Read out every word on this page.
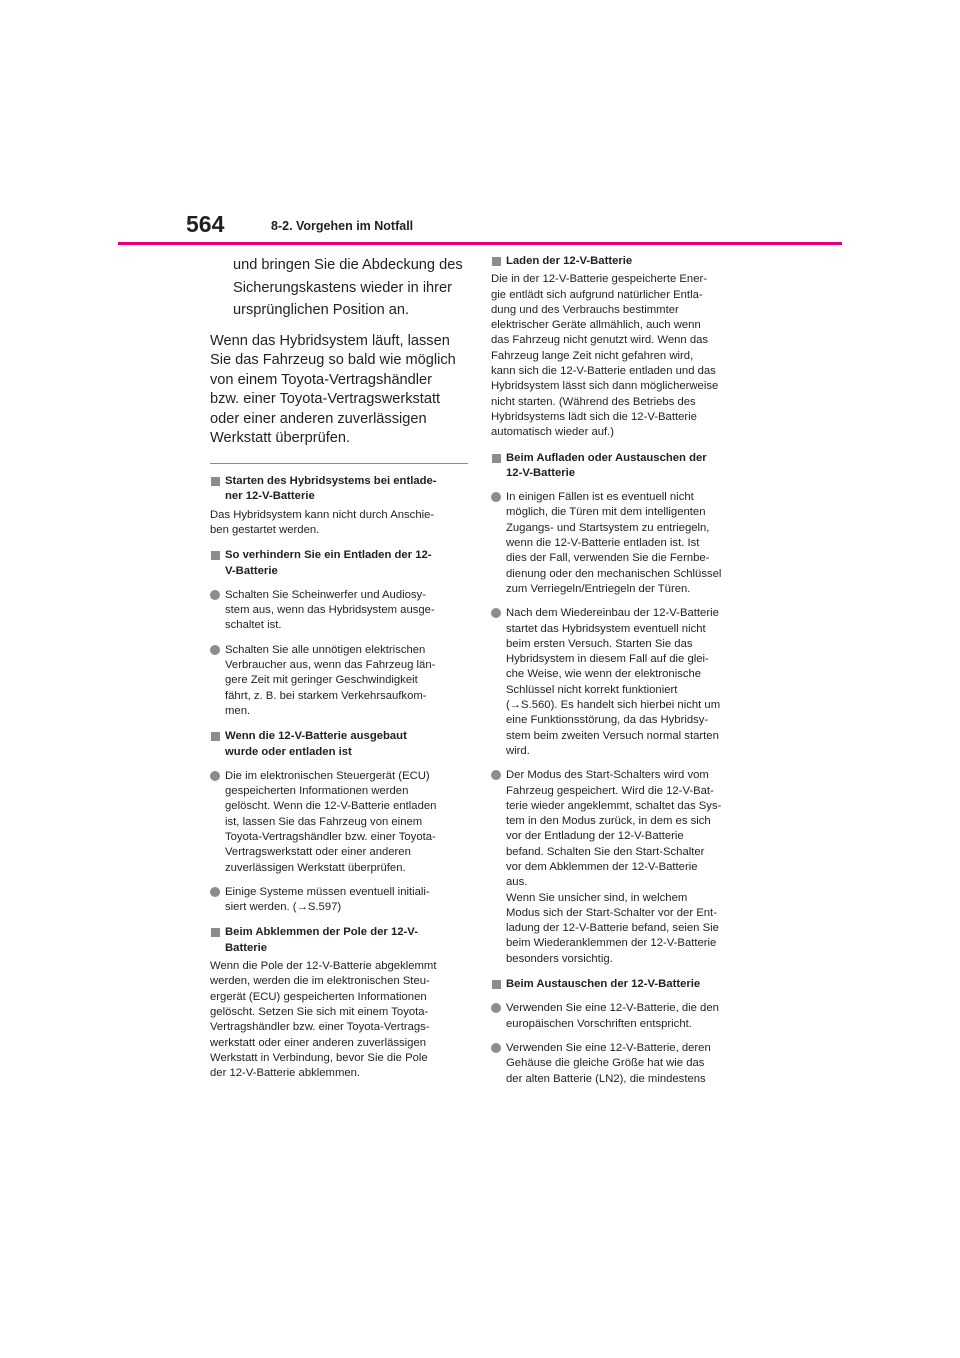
564	8-2. Vorgehen im Notfall

und bringen Sie die Abdeckung des
Sicherungskastens wieder in ihrer
ursprünglichen Position an.

Wenn das Hybridsystem läuft, lassen
Sie das Fahrzeug so bald wie möglich
von einem Toyota-Vertragshändler
bzw. einer Toyota-Vertragswerkstatt
oder einer anderen zuverlässigen
Werkstatt überprüfen.

Starten des Hybridsystems bei entlade-
ner 12-V-Batterie

Das Hybridsystem kann nicht durch Anschie-
ben gestartet werden.

So verhindern Sie ein Entladen der 12-
V-Batterie

Schalten Sie Scheinwerfer und Audiosy-
stem aus, wenn das Hybridsystem ausge-
schaltet ist.

Schalten Sie alle unnötigen elektrischen
Verbraucher aus, wenn das Fahrzeug län-
gere Zeit mit geringer Geschwindigkeit
fährt, z. B. bei starkem Verkehrsaufkom-
men.

Wenn die 12-V-Batterie ausgebaut
wurde oder entladen ist

Die im elektronischen Steuergerät (ECU)
gespeicherten Informationen werden
gelöscht. Wenn die 12-V-Batterie entladen
ist, lassen Sie das Fahrzeug von einem
Toyota-Vertragshändler bzw. einer Toyota-
Vertragswerkstatt oder einer anderen
zuverlässigen Werkstatt überprüfen.

Einige Systeme müssen eventuell initiali-
siert werden. (→S.597)

Beim Abklemmen der Pole der 12-V-
Batterie

Wenn die Pole der 12-V-Batterie abgeklemmt
werden, werden die im elektronischen Steu-
ergerät (ECU) gespeicherten Informationen
gelöscht. Setzen Sie sich mit einem Toyota-
Vertragshändler bzw. einer Toyota-Vertrags-
werkstatt oder einer anderen zuverlässigen
Werkstatt in Verbindung, bevor Sie die Pole
der 12-V-Batterie abklemmen.

Laden der 12-V-Batterie

Die in der 12-V-Batterie gespeicherte Ener-
gie entlädt sich aufgrund natürlicher Entla-
dung und des Verbrauchs bestimmter
elektrischer Geräte allmählich, auch wenn
das Fahrzeug nicht genutzt wird. Wenn das
Fahrzeug lange Zeit nicht gefahren wird,
kann sich die 12-V-Batterie entladen und das
Hybridsystem lässt sich dann möglicherweise
nicht starten. (Während des Betriebs des
Hybridsystems lädt sich die 12-V-Batterie
automatisch wieder auf.)

Beim Aufladen oder Austauschen der
12-V-Batterie

In einigen Fällen ist es eventuell nicht
möglich, die Türen mit dem intelligenten
Zugangs- und Startsystem zu entriegeln,
wenn die 12-V-Batterie entladen ist. Ist
dies der Fall, verwenden Sie die Fernbe-
dienung oder den mechanischen Schlüssel
zum Verriegeln/Entriegeln der Türen.

Nach dem Wiedereinbau der 12-V-Batterie
startet das Hybridsystem eventuell nicht
beim ersten Versuch. Starten Sie das
Hybridsystem in diesem Fall auf die glei-
che Weise, wie wenn der elektronische
Schlüssel nicht korrekt funktioniert
(→S.560). Es handelt sich hierbei nicht um
eine Funktionsstörung, da das Hybridsy-
stem beim zweiten Versuch normal starten
wird.

Der Modus des Start-Schalters wird vom
Fahrzeug gespeichert. Wird die 12-V-Bat-
terie wieder angeklemmt, schaltet das Sys-
tem in den Modus zurück, in dem es sich
vor der Entladung der 12-V-Batterie
befand. Schalten Sie den Start-Schalter
vor dem Abklemmen der 12-V-Batterie
aus.
Wenn Sie unsicher sind, in welchem
Modus sich der Start-Schalter vor der Ent-
ladung der 12-V-Batterie befand, seien Sie
beim Wiederanklemmen der 12-V-Batterie
besonders vorsichtig.

Beim Austauschen der 12-V-Batterie

Verwenden Sie eine 12-V-Batterie, die den
europäischen Vorschriften entspricht.

Verwenden Sie eine 12-V-Batterie, deren
Gehäuse die gleiche Größe hat wie das
der alten Batterie (LN2), die mindestens
